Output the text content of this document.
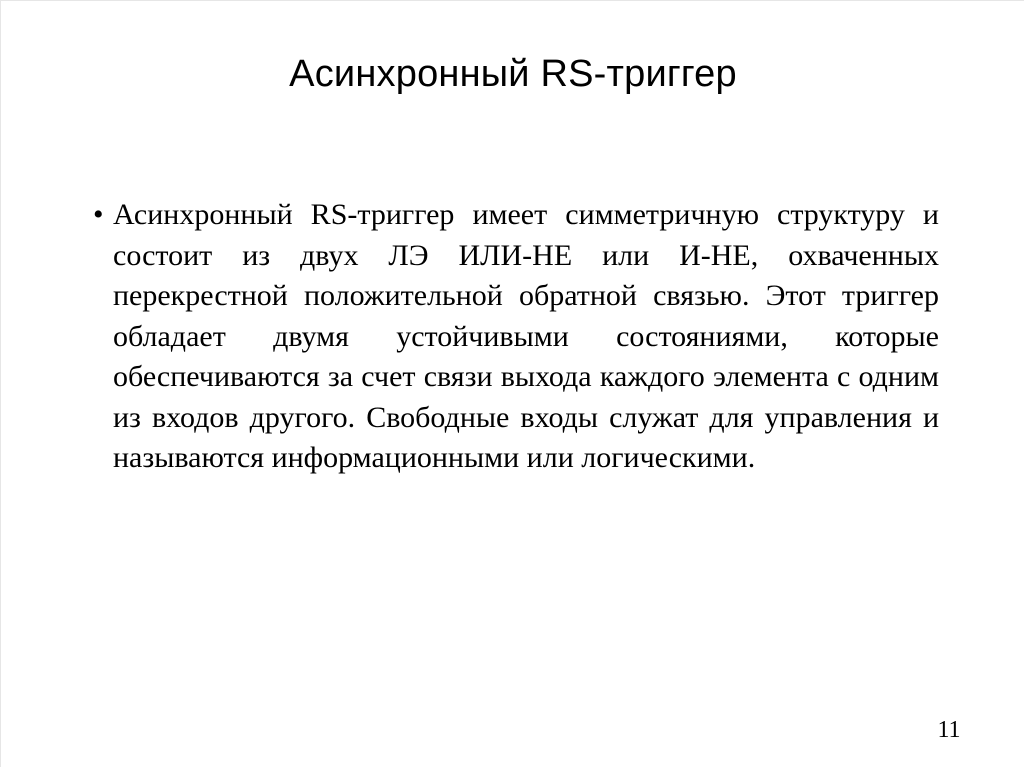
Асинхронный RS-триггер
• Асинхронный RS-триггер имеет симметричную структуру и состоит из двух ЛЭ ИЛИ-НЕ или И-НЕ, охваченных перекрестной положительной обратной связью. Этот триггер обладает двумя устойчивыми состояниями, которые обеспечиваются за счет связи выхода каждого элемента с одним из входов другого. Свободные входы служат для управления и называются информационными или логическими.
11
